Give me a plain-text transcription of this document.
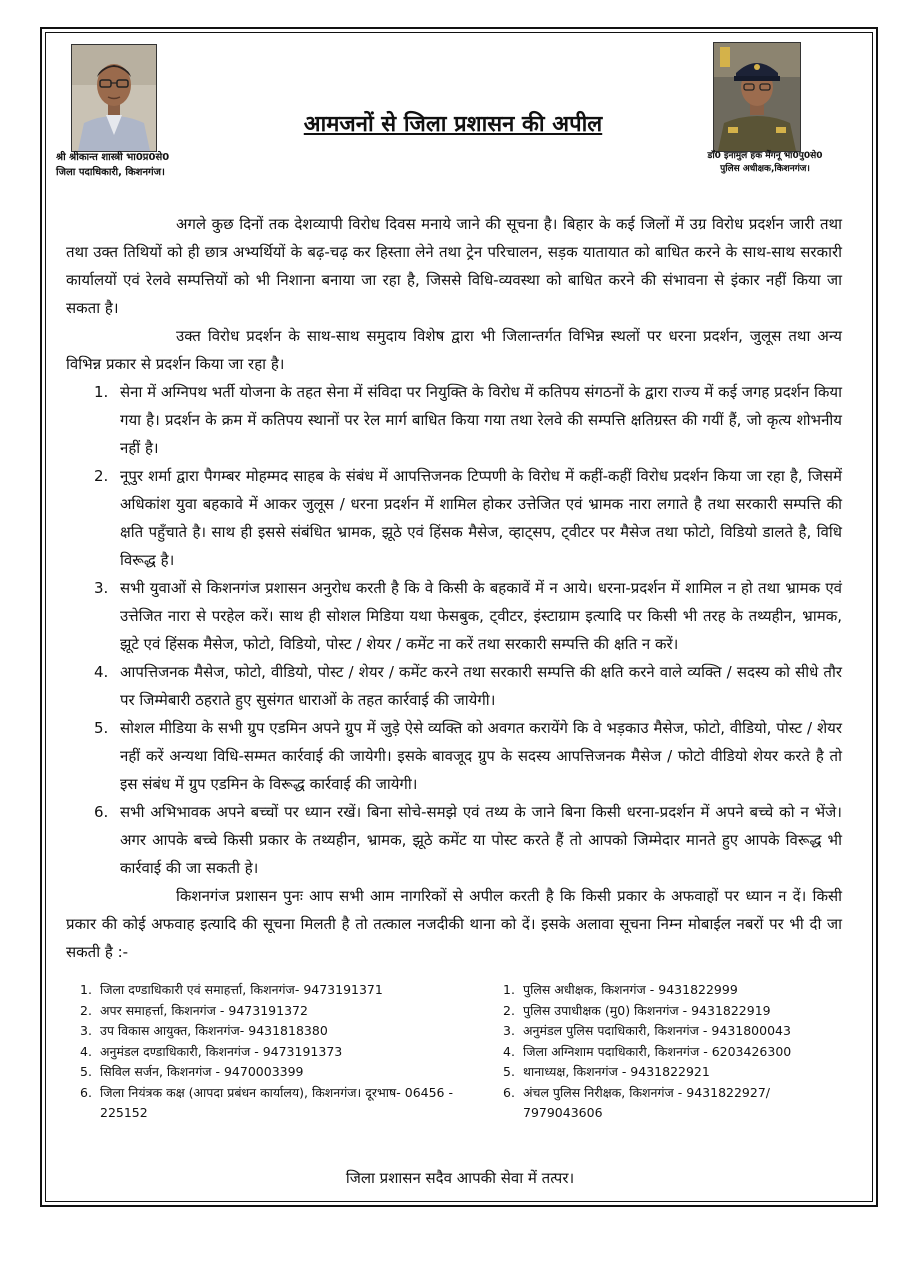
श्री श्रीकान्त शास्त्री भा0प्र0से0
जिला पदाधिकारी, किशनगंज।
डॉ0 इनामुल हक मेंगनू भा0पु0से0
पुलिस अधीक्षक,किशनगंज।
आमजनों से जिला प्रशासन की अपील

अगले कुछ दिनों तक देशव्यापी विरोध दिवस मनाये जाने की सूचना है। बिहार के कई जिलों में उग्र विरोध प्रदर्शन जारी तथा तथा उक्त तिथियों को ही छात्र अभ्यर्थियों के बढ़-चढ़ कर हिस्ताा लेने तथा ट्रेन परिचालन, सड़क यातायात को बाधित करने के साथ-साथ सरकारी कार्यालयों एवं रेलवे सम्पत्तियों को भी निशाना बनाया जा रहा है, जिससे विधि-व्यवस्था को बाधित करने की संभावना से इंकार नहीं किया जा सकता है।

उक्त विरोध प्रदर्शन के साथ-साथ समुदाय विशेष द्वारा भी जिलान्तर्गत विभिन्न स्थलों पर धरना प्रदर्शन, जुलूस तथा अन्य विभिन्न प्रकार से प्रदर्शन किया जा रहा है।

1. सेना में अग्निपथ भर्ती योजना के तहत सेना में संविदा पर नियुक्ति के विरोध में कतिपय संगठनों के द्वारा राज्य में कई जगह प्रदर्शन किया गया है। प्रदर्शन के क्रम में कतिपय स्थानों पर रेल मार्ग बाधित किया गया तथा रेलवे की सम्पत्ति क्षतिग्रस्त की गयीं हैं, जो कृत्य शोभनीय नहीं है।
2. नूपुर शर्मा द्वारा पैगम्बर मोहम्मद साहब के संबंध में आपत्तिजनक टिप्पणी के विरोध में कहीं-कहीं विरोध प्रदर्शन किया जा रहा है, जिसमें अधिकांश युवा बहकावे में आकर जुलूस / धरना प्रदर्शन में शामिल होकर उत्तेजित एवं भ्रामक नारा लगाते है तथा सरकारी सम्पत्ति की क्षति पहुँचाते है। साथ ही इससे संबंधित भ्रामक, झूठे एवं हिंसक मैसेज, व्हाट्सप, ट्वीटर पर मैसेज तथा फोटो, विडियो डालते है, विधि विरूद्ध है।
3. सभी युवाओं से किशनगंज प्रशासन अनुरोध करती है कि वे किसी के बहकावें में न आये। धरना-प्रदर्शन में शामिल न हो तथा भ्रामक एवं उत्तेजित नारा से परहेल करें। साथ ही सोशल मिडिया यथा फेसबुक, ट्वीटर, इंस्टाग्राम इत्यादि पर किसी भी तरह के तथ्यहीन, भ्रामक, झूटे एवं हिंसक मैसेज, फोटो, विडियो, पोस्ट / शेयर / कमेंट ना करें तथा सरकारी सम्पत्ति की क्षति न करें।
4. आपत्तिजनक मैसेज, फोटो, वीडियो, पोस्ट / शेयर / कमेंट करने तथा सरकारी सम्पत्ति की क्षति करने वाले व्यक्ति / सदस्य को सीधे तौर पर जिम्मेबारी ठहराते हुए सुसंगत धाराओं के तहत कार्रवाई की जायेगी।
5. सोशल मीडिया के सभी ग्रुप एडमिन अपने ग्रुप में जुड़े ऐसे व्यक्ति को अवगत करायेंगे कि वे भड़काउ मैसेज, फोटो, वीडियो, पोस्ट / शेयर नहीं करें अन्यथा विधि-सम्मत कार्रवाई की जायेगी। इसके बावजूद ग्रुप के सदस्य आपत्तिजनक मैसेज / फोटो वीडियो शेयर करते है तो इस संबंध में ग्रुप एडमिन के विरूद्ध कार्रवाई की जायेगी।
6. सभी अभिभावक अपने बच्चों पर ध्यान रखें। बिना सोचे-समझे एवं तथ्य के जाने बिना किसी धरना-प्रदर्शन में अपने बच्चे को न भेंजे। अगर आपके बच्चे किसी प्रकार के तथ्यहीन, भ्रामक, झूठे कमेंट या पोस्ट करते हैं तो आपको जिम्मेदार मानते हुए आपके विरूद्ध भी कार्रवाई की जा सकती हे।

किशनगंज प्रशासन पुनः आप सभी आम नागरिकों से अपील करती है कि किसी प्रकार के अफवाहों पर ध्यान न दें। किसी प्रकार की कोई अफवाह इत्यादि की सूचना मिलती है तो तत्काल नजदीकी थाना को दें। इसके अलावा सूचना निम्न मोबाईल नबरों पर भी दी जा सकती है :-

1. जिला दण्डाधिकारी एवं समाहर्त्ता, किशनगंज- 9473191371
2. अपर समाहर्त्ता, किशनगंज - 9473191372
3. उप विकास आयुक्त, किशनगंज- 9431818380
4. अनुमंडल दण्डाधिकारी, किशनगंज - 9473191373
5. सिविल सर्जन, किशनगंज - 9470003399
6. जिला नियंत्रक कक्ष (आपदा प्रबंधन कार्यालय), किशनगंज। दूरभाष- 06456 - 225152
1. पुलिस अधीक्षक, किशनगंज - 9431822999
2. पुलिस उपाधीक्षक (मु0) किशनगंज - 9431822919
3. अनुमंडल पुलिस पदाधिकारी, किशनगंज - 9431800043
4. जिला अग्निशाम पदाधिकारी, किशनगंज - 6203426300
5. थानाध्यक्ष, किशनगंज - 9431822921
6. अंचल पुलिस निरीक्षक, किशनगंज - 9431822927/ 7979043606
जिला प्रशासन सदैव आपकी सेवा में तत्पर।
